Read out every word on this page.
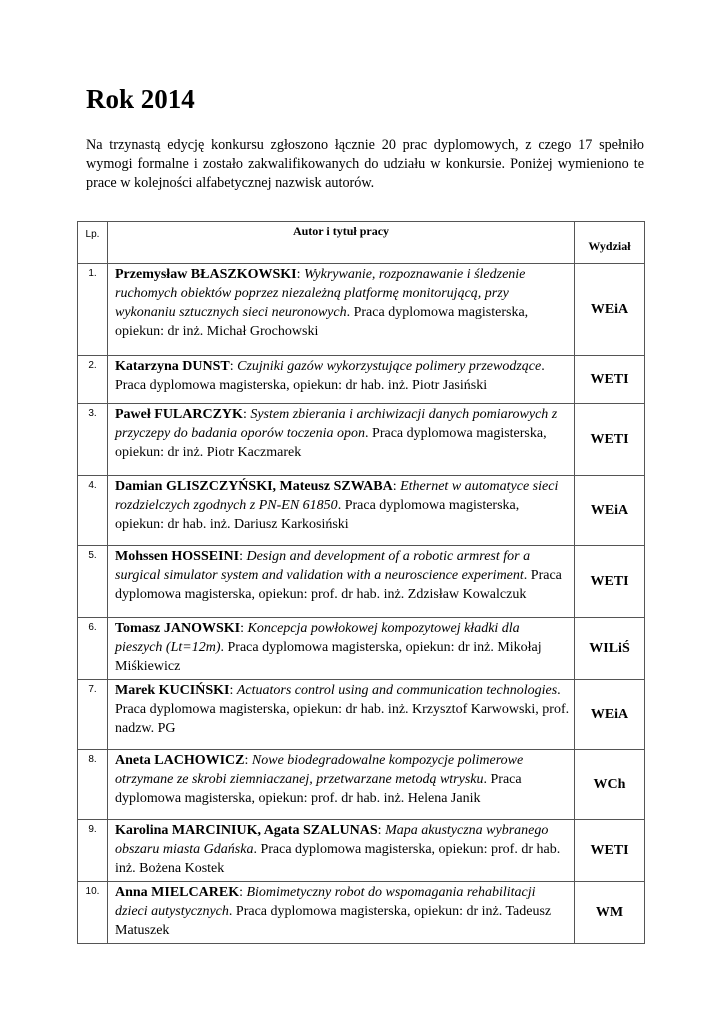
Rok 2014

Na trzynastą edycję konkursu zgłoszono łącznie 20 prac dyplomowych, z czego 17 spełniło wymogi formalne i zostało zakwalifikowanych do udziału w konkursie. Poniżej wymieniono te prace w kolejności alfabetycznej nazwisk autorów.

Lp.	Autor i tytuł pracy	Wydział
1.	Przemysław BŁASZKOWSKI: Wykrywanie, rozpoznawanie i śledzenie ruchomych obiektów poprzez niezależną platformę monitorującą, przy wykonaniu sztucznych sieci neuronowych. Praca dyplomowa magisterska, opiekun: dr inż. Michał Grochowski	WEiA
2.	Katarzyna DUNST: Czujniki gazów wykorzystujące polimery przewodzące. Praca dyplomowa magisterska, opiekun: dr hab. inż. Piotr Jasiński	WETI
3.	Paweł FULARCZYK: System zbierania i archiwizacji danych pomiarowych z przyczepy do badania oporów toczenia opon. Praca dyplomowa magisterska, opiekun: dr inż. Piotr Kaczmarek	WETI
4.	Damian GLISZCZYŃSKI, Mateusz SZWABA: Ethernet w automatyce sieci rozdzielczych zgodnych z PN-EN 61850. Praca dyplomowa magisterska, opiekun: dr hab. inż. Dariusz Karkosiński	WEiA
5.	Mohssen HOSSEINI: Design and development of a robotic armrest for a surgical simulator system and validation with a neuroscience experiment. Praca dyplomowa magisterska, opiekun: prof. dr hab. inż. Zdzisław Kowalczuk	WETI
6.	Tomasz JANOWSKI: Koncepcja powłokowej kompozytowej kładki dla pieszych (Lt=12m). Praca dyplomowa magisterska, opiekun: dr inż. Mikołaj Miśkiewicz	WILiŚ
7.	Marek KUCIŃSKI: Actuators control using and communication technologies. Praca dyplomowa magisterska, opiekun: dr hab. inż. Krzysztof Karwowski, prof. nadzw. PG	WEiA
8.	Aneta LACHOWICZ: Nowe biodegradowalne kompozycje polimerowe otrzymane ze skrobi ziemniaczanej, przetwarzane metodą wtrysku. Praca dyplomowa magisterska, opiekun: prof. dr hab. inż. Helena Janik	WCh
9.	Karolina MARCINIUK, Agata SZALUNAS: Mapa akustyczna wybranego obszaru miasta Gdańska. Praca dyplomowa magisterska, opiekun: prof. dr hab. inż. Bożena Kostek	WETI
10.	Anna MIELCAREK: Biomimetyczny robot do wspomagania rehabilitacji dzieci autystycznych. Praca dyplomowa magisterska, opiekun: dr inż. Tadeusz Matuszek	WM
